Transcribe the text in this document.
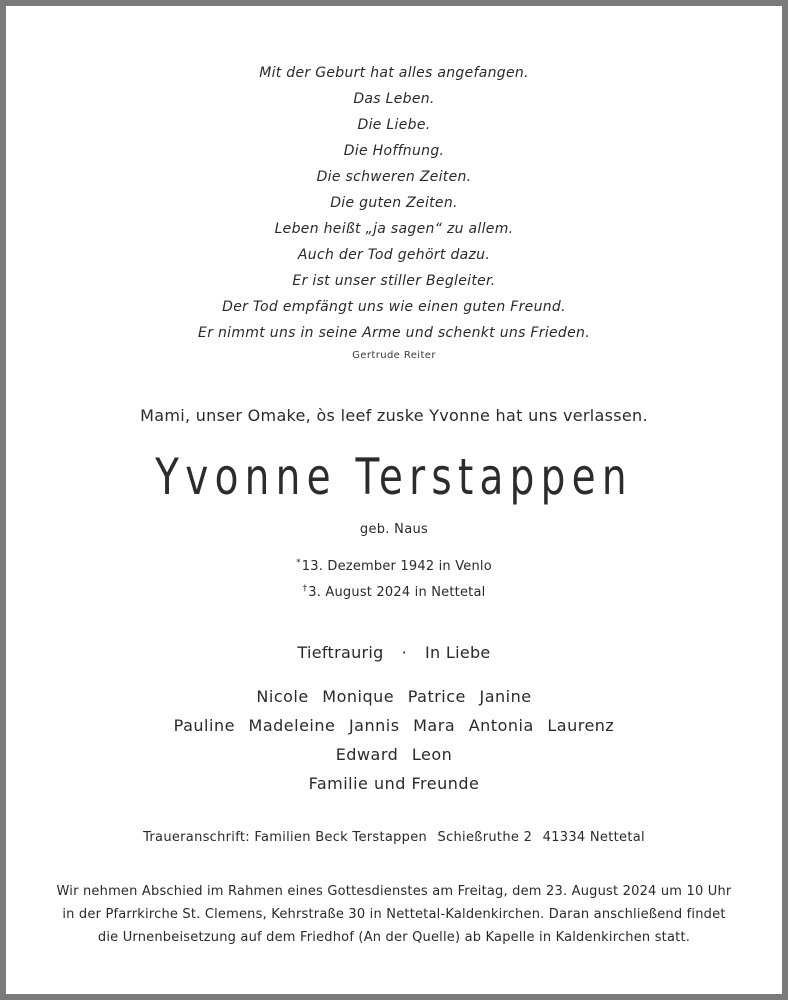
Mit der Geburt hat alles angefangen.
Das Leben.
Die Liebe.
Die Hoffnung.
Die schweren Zeiten.
Die guten Zeiten.
Leben heißt „ja sagen“ zu allem.
Auch der Tod gehört dazu.
Er ist unser stiller Begleiter.
Der Tod empfängt uns wie einen guten Freund.
Er nimmt uns in seine Arme und schenkt uns Frieden.
Gertrude Reiter
Mami, unser Omake, òs leef zuske Yvonne hat uns verlassen.
Yvonne Terstappen
geb. Naus
*13. Dezember 1942 in Venlo
†3. August 2024 in Nettetal
Tieftraurig · In Liebe
Nicole Monique Patrice Janine
Pauline Madeleine Jannis Mara Antonia Laurenz
Edward Leon
Familie und Freunde
Traueranschrift: Familien Beck Terstappen Schießruthe 2 41334 Nettetal
Wir nehmen Abschied im Rahmen eines Gottesdienstes am Freitag, dem 23. August 2024 um 10 Uhr
in der Pfarrkirche St. Clemens, Kehrstraße 30 in Nettetal-Kaldenkirchen. Daran anschließend findet
die Urnenbeisetzung auf dem Friedhof (An der Quelle) ab Kapelle in Kaldenkirchen statt.
